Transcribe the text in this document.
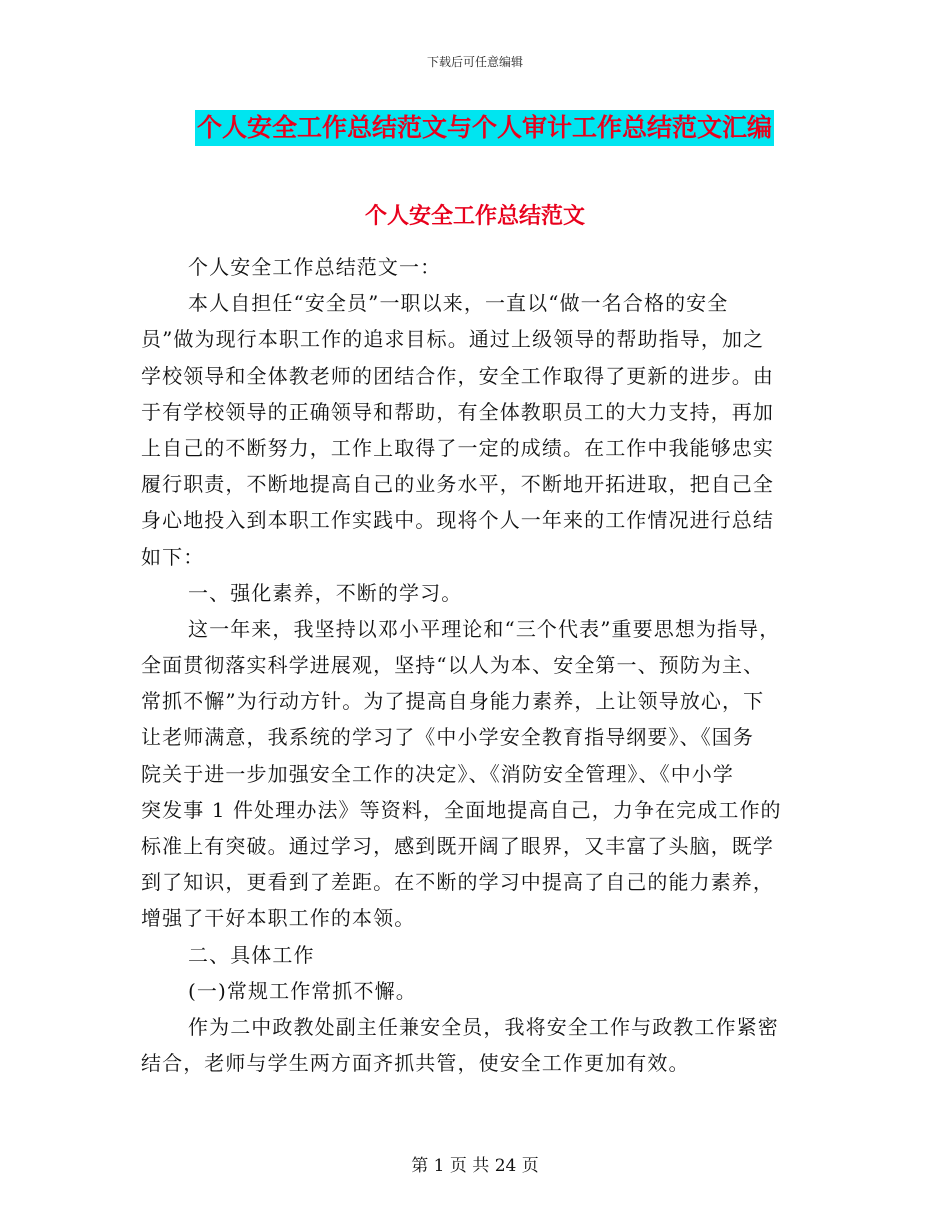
下载后可任意编辑
个人安全工作总结范文与个人审计工作总结范文汇编
个人安全工作总结范文
个人安全工作总结范文一：
本人自担任“安全员”一职以来，一直以“做一名合格的安全
员”做为现行本职工作的追求目标。通过上级领导的帮助指导，加之
学校领导和全体教老师的团结合作，安全工作取得了更新的进步。由
于有学校领导的正确领导和帮助，有全体教职员工的大力支持，再加
上自己的不断努力，工作上取得了一定的成绩。在工作中我能够忠实
履行职责，不断地提高自己的业务水平，不断地开拓进取，把自己全
身心地投入到本职工作实践中。现将个人一年来的工作情况进行总结
如下：
一、强化素养，不断的学习。
这一年来，我坚持以邓小平理论和“三个代表”重要思想为指导，
全面贯彻落实科学进展观，坚持“以人为本、安全第一、预防为主、
常抓不懈”为行动方针。为了提高自身能力素养，上让领导放心，下
让老师满意，我系统的学习了《中小学安全教育指导纲要》、《国务
院关于进一步加强安全工作的决定》、《消防安全管理》、《中小学
突发事 1 件处理办法》等资料，全面地提高自己，力争在完成工作的
标准上有突破。通过学习，感到既开阔了眼界，又丰富了头脑，既学
到了知识，更看到了差距。在不断的学习中提高了自己的能力素养，
增强了干好本职工作的本领。
二、具体工作
(一)常规工作常抓不懈。
作为二中政教处副主任兼安全员，我将安全工作与政教工作紧密
结合，老师与学生两方面齐抓共管，使安全工作更加有效。
第 1 页 共 24 页
